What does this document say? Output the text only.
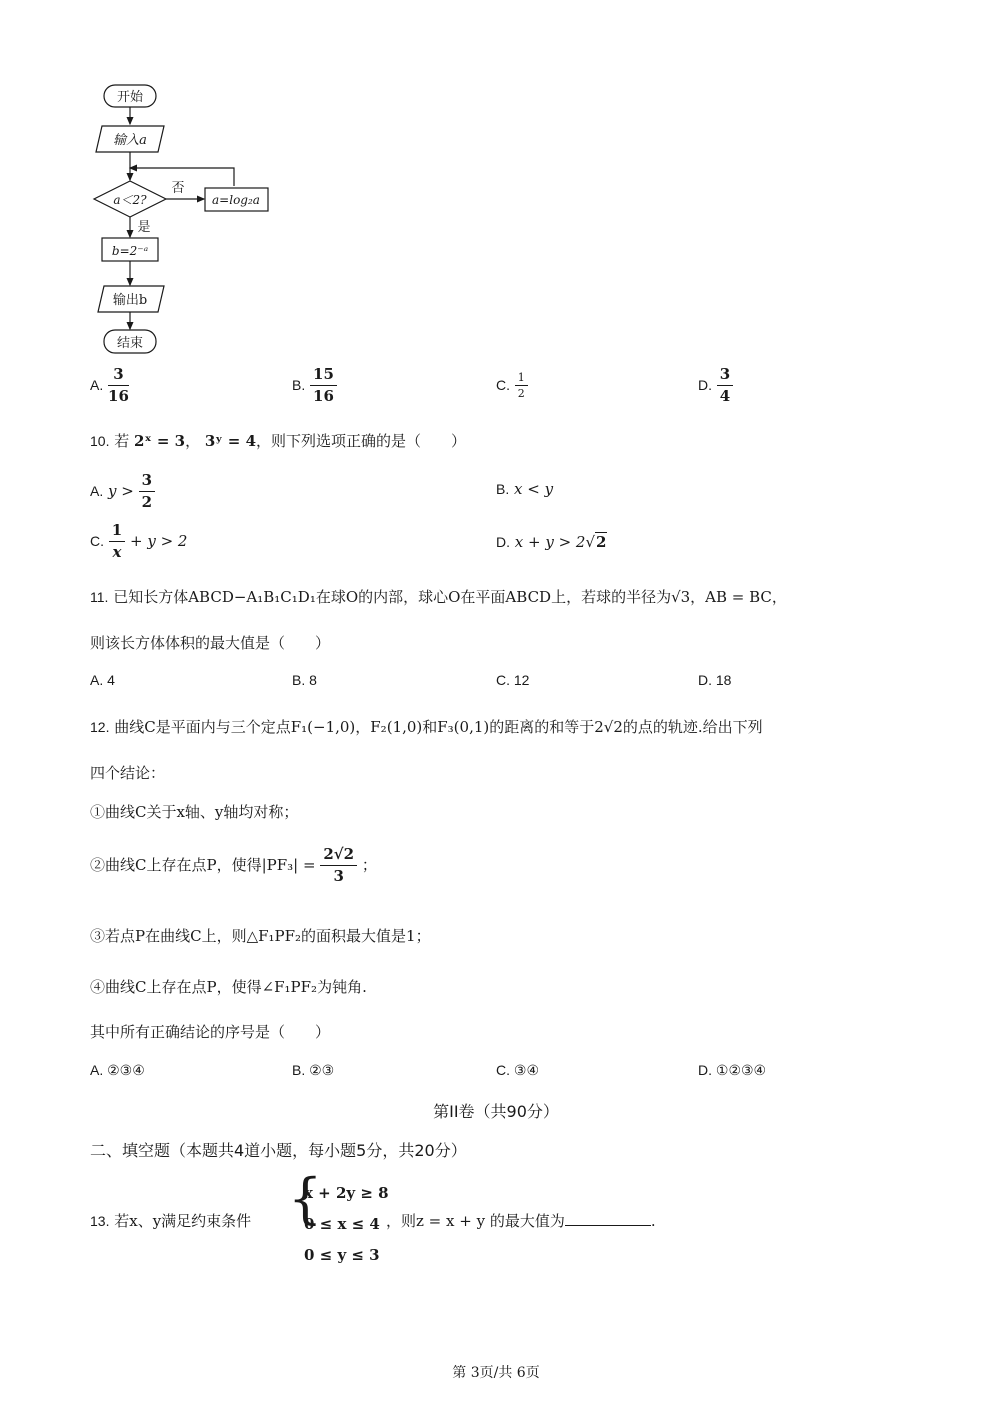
开始
输入a
a＜2?
否
是
a=log₂a
b=2⁻ᵃ
输出b
结束
A. $\frac{3}{16}$	B. $\frac{15}{16}$	C. $\frac{1}{2}$	D. $\frac{3}{4}$
10. 若 2ˣ = 3， 3ʸ = 4，则下列选项正确的是（　　）
A. $y > \frac{3}{2}$	B. x < y
C. $\frac{1}{x} + y > 2$	D. x + y > 2√2
11. 已知长方体ABCD−A₁B₁C₁D₁在球O的内部，球心O在平面ABCD上，若球的半径为√3，AB = BC，
则该长方体体积的最大值是（　　）
A. 4	B. 8	C. 12	D. 18
12. 曲线C是平面内与三个定点F₁(−1,0)，F₂(1,0)和F₃(0,1)的距离的和等于2√2的点的轨迹.给出下列
四个结论：
①曲线C关于x轴、y轴均对称；
②曲线C上存在点P，使得$|PF_3| = \frac{2√2}{3}$ ；
③若点P在曲线C上，则△F₁PF₂的面积最大值是1；
④曲线C上存在点P，使得∠F₁PF₂为钝角.
其中所有正确结论的序号是（　　）
A. ②③④	B. ②③	C. ③④	D. ①②③④
第II卷（共90分）
二、填空题（本题共4道小题，每小题5分，共20分）
13. 若x、y满足约束条件 {
x + 2y ≥ 8
0 ≤ x ≤ 4
0 ≤ y ≤ 3
，则z = x + y 的最大值为	.
第 3页/共 6页
